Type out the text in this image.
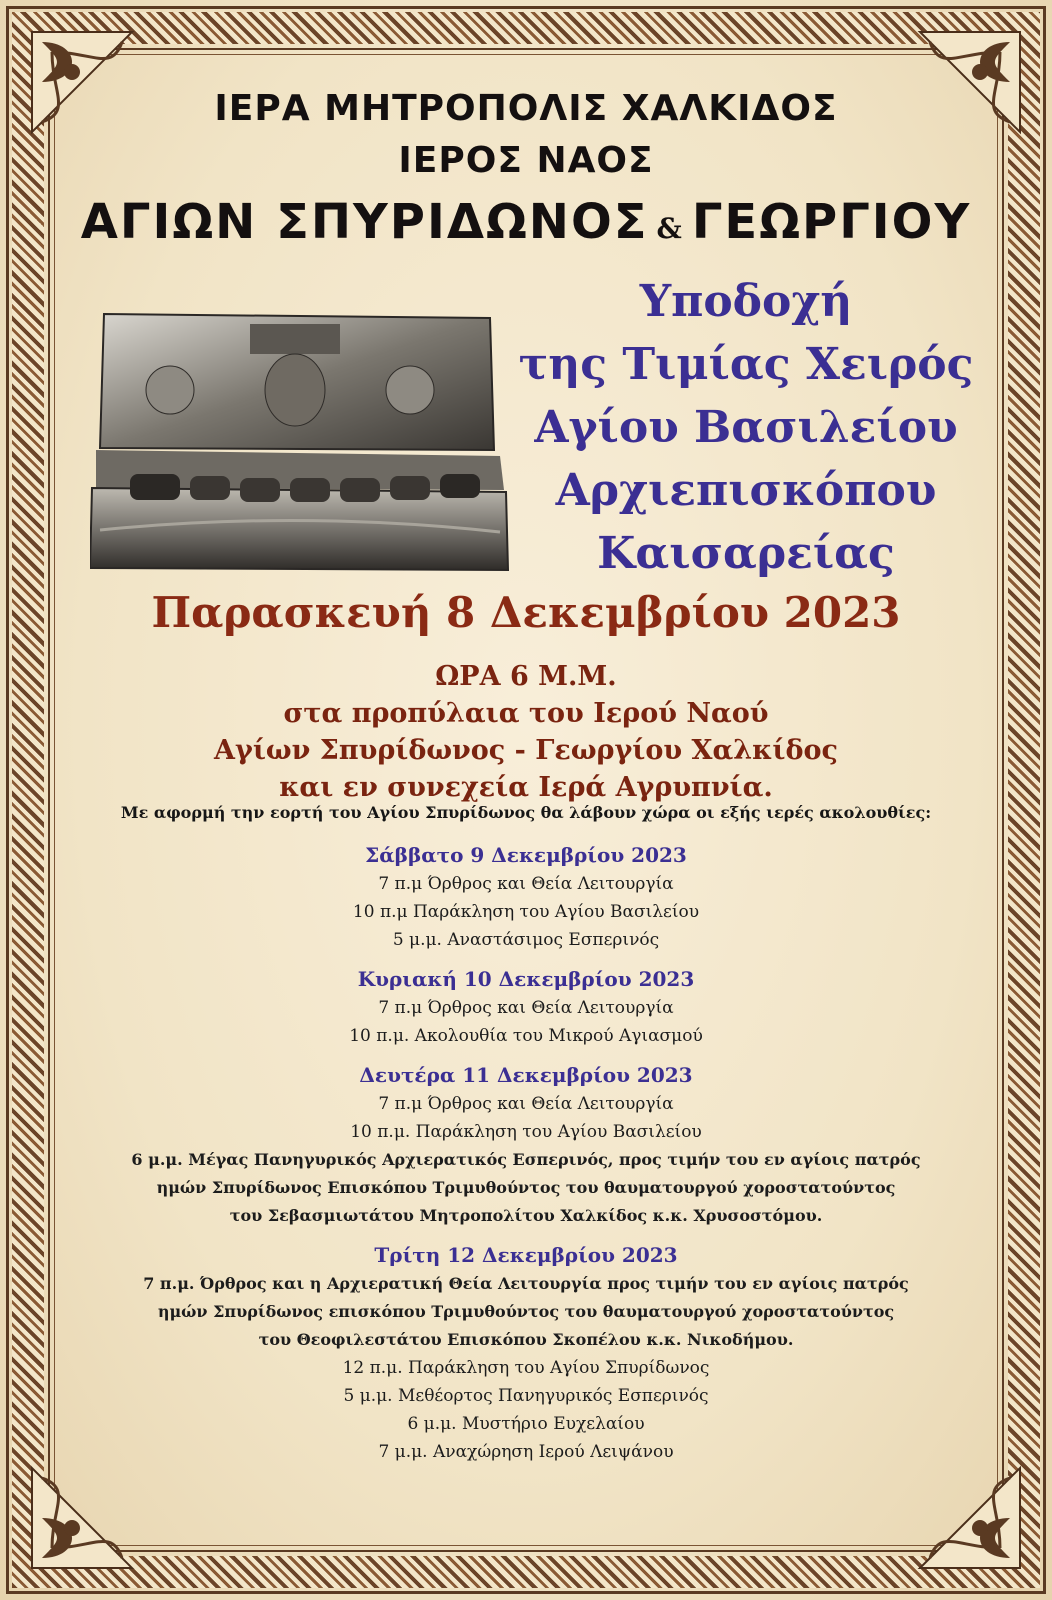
ΙΕΡΑ ΜΗΤΡΟΠΟΛΙΣ ΧΑΛΚΙΔΟΣ
ΙΕΡΟΣ ΝΑΟΣ
ΑΓΙΩΝ ΣΠΥΡΙΔΩΝΟΣ & ΓΕΩΡΓΙΟΥ
Υποδοχή
της Τιμίας Χειρός
Αγίου Βασιλείου
Αρχιεπισκόπου
Καισαρείας
Παρασκευή 8 Δεκεμβρίου 2023
ΩΡΑ 6 Μ.Μ.
στα προπύλαια του Ιερού Ναού
Αγίων Σπυρίδωνος - Γεωργίου Χαλκίδος
και εν συνεχεία Ιερά Αγρυπνία.
Με αφορμή την εορτή του Αγίου Σπυρίδωνος θα λάβουν χώρα οι εξής ιερές ακολουθίες:
Σάββατο 9 Δεκεμβρίου 2023
7 π.μ Όρθρος και Θεία Λειτουργία
10 π.μ Παράκληση του Αγίου Βασιλείου
5 μ.μ. Αναστάσιμος Εσπερινός
Κυριακή 10 Δεκεμβρίου 2023
7 π.μ Όρθρος και Θεία Λειτουργία
10 π.μ. Ακολουθία του Μικρού Αγιασμού
Δευτέρα 11 Δεκεμβρίου 2023
7 π.μ Όρθρος και Θεία Λειτουργία
10 π.μ. Παράκληση του Αγίου Βασιλείου
6 μ.μ. Μέγας Πανηγυρικός Αρχιερατικός Εσπερινός, προς τιμήν του εν αγίοις πατρός
ημών Σπυρίδωνος Επισκόπου Τριμυθούντος του θαυματουργού χοροστατούντος
του Σεβασμιωτάτου Μητροπολίτου Χαλκίδος κ.κ. Χρυσοστόμου.
Τρίτη 12 Δεκεμβρίου 2023
7 π.μ. Όρθρος και η Αρχιερατική Θεία Λειτουργία προς τιμήν του εν αγίοις πατρός
ημών Σπυρίδωνος επισκόπου Τριμυθούντος του θαυματουργού χοροστατούντος
του Θεοφιλεστάτου Επισκόπου Σκοπέλου κ.κ. Νικοδήμου.
12 π.μ. Παράκληση του Αγίου Σπυρίδωνος
5 μ.μ. Μεθέορτος Πανηγυρικός Εσπερινός
6 μ.μ. Μυστήριο Ευχελαίου
7 μ.μ. Αναχώρηση Ιερού Λειψάνου
